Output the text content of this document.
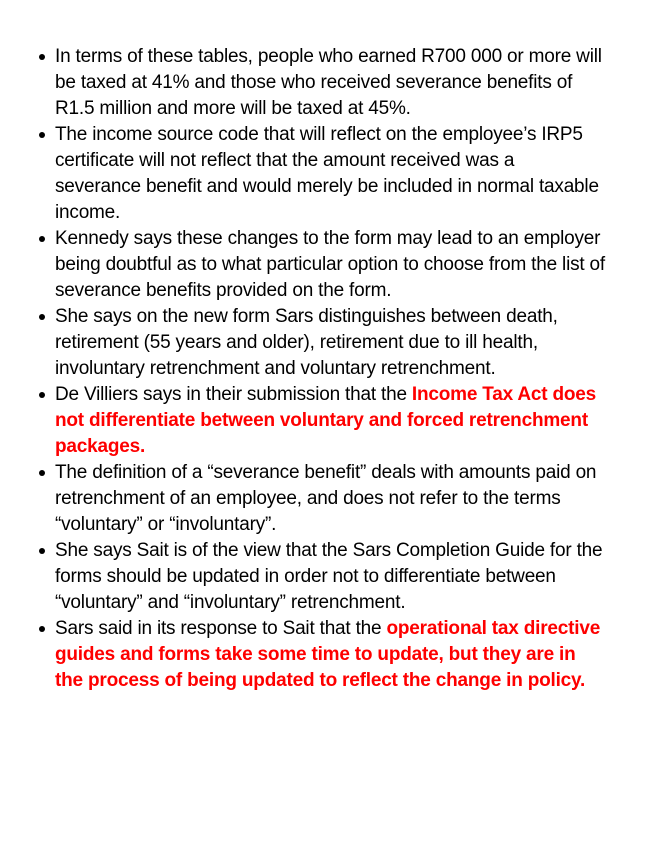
In terms of these tables, people who earned R700 000 or more will be taxed at 41% and those who received severance benefits of R1.5 million and more will be taxed at 45%.
The income source code that will reflect on the employee’s IRP5 certificate will not reflect that the amount received was a severance benefit and would merely be included in normal taxable income.
Kennedy says these changes to the form may lead to an employer being doubtful as to what particular option to choose from the list of severance benefits provided on the form.
She says on the new form Sars distinguishes between death, retirement (55 years and older), retirement due to ill health, involuntary retrenchment and voluntary retrenchment.
De Villiers says in their submission that the Income Tax Act does not differentiate between voluntary and forced retrenchment packages.
The definition of a “severance benefit” deals with amounts paid on retrenchment of an employee, and does not refer to the terms “voluntary” or “involuntary”.
She says Sait is of the view that the Sars Completion Guide for the forms should be updated in order not to differentiate between “voluntary” and “involuntary” retrenchment.
Sars said in its response to Sait that the operational tax directive guides and forms take some time to update, but they are in the process of being updated to reflect the change in policy.
